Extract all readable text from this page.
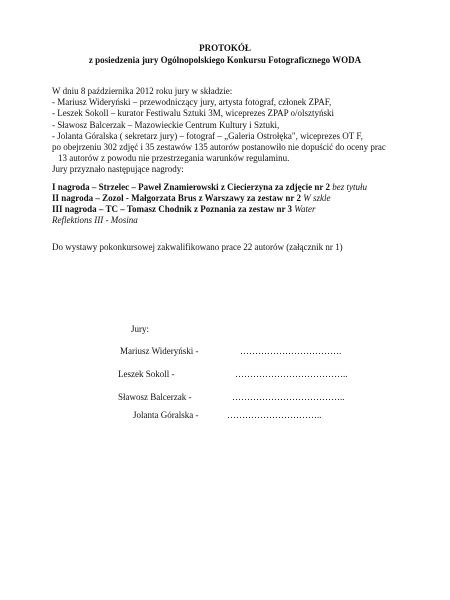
PROTOKÓŁ
z posiedzenia jury Ogólnopolskiego Konkursu Fotograficznego WODA

W dniu 8 października 2012 roku jury w składzie:

- Mariusz Wideryński – przewodniczący jury, artysta fotograf, członek ZPAF,

- Leszek Sokoll – kurator Festiwalu Sztuki 3M, wiceprezes ZPAP o/olsztyński

- Sławosz Balcerzak – Mazowieckie Centrum Kultury i Sztuki,

- Jolanta Góralska ( sekretarz jury) – fotograf – „Galeria Ostrołęka", wiceprezes OT F,

po obejrzeniu 302 zdjęć i 35 zestawów 135 autorów postanowiło nie dopuścić do oceny prac

13 autorów z powodu nie przestrzegania warunków regulaminu.

Jury przyznało następujące nagrody:

I nagroda – Strzelec – Paweł Znamierowski z Ciecierzyna za zdjęcie nr 2 bez tytułu

II nagroda – Zozol - Małgorzata Brus z Warszawy za zestaw nr 2 W szkle

III nagroda – TC – Tomasz Chodnik z Poznania za zestaw nr 3 Water Reflektions III - Mosina

Do wystawy pokonkursowej zakwalifikowano prace 22 autorów (załącznik nr 1)
Jury:
Mariusz Wideryński -	…………………………….
Leszek Sokoll -	………………………………..
Sławosz Balcerzak -	………………………………..
Jolanta Góralska -	…………………………..
